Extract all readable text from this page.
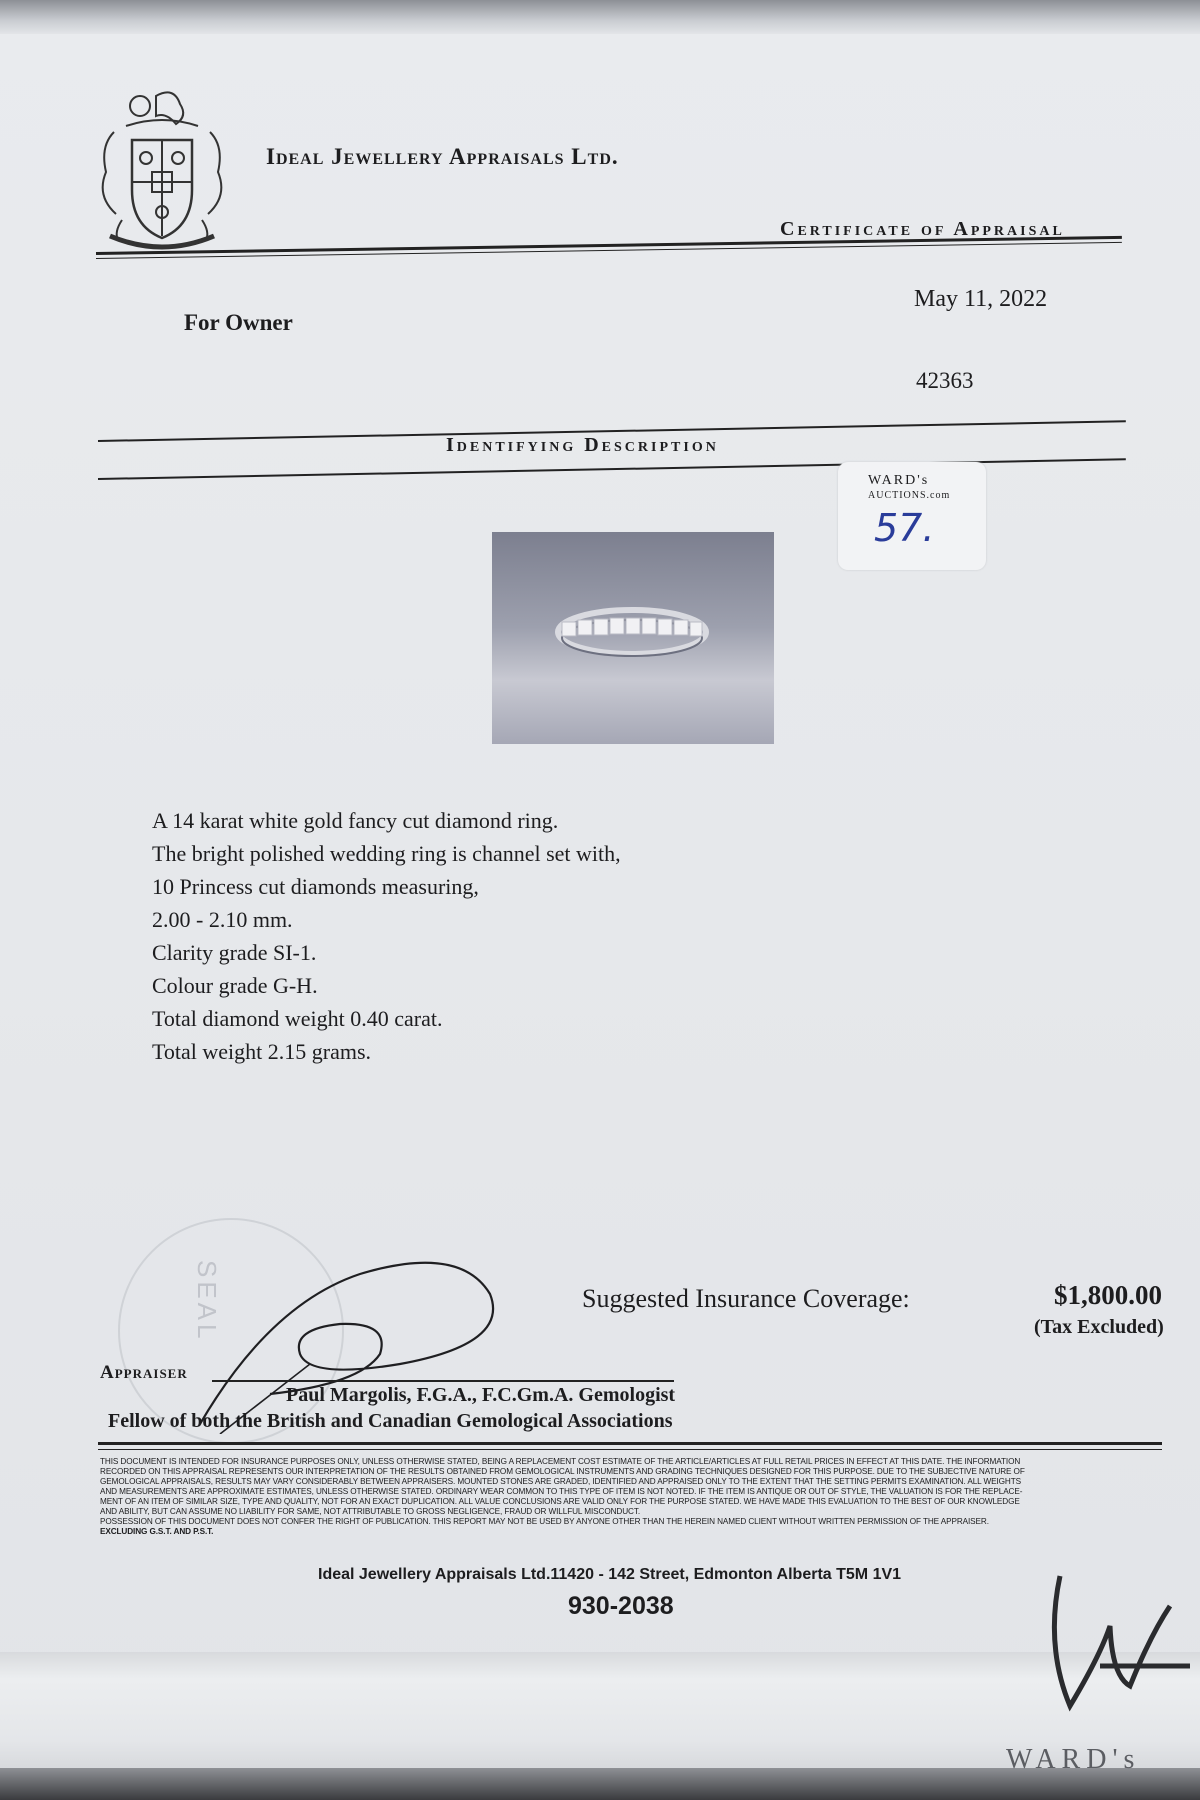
Ideal Jewellery Appraisals Ltd.
Certificate of Appraisal
For Owner
May 11, 2022
42363
Identifying Description
WARD's
AUCTIONS.com
57.
A 14 karat white gold fancy cut diamond ring.
The bright polished wedding ring is channel set with,
10 Princess cut diamonds measuring,
2.00 - 2.10 mm.
Clarity grade SI-1.
Colour grade G-H.
Total diamond weight 0.40 carat.
Total weight 2.15 grams.
SEAL	Suggested Insurance Coverage:	$1,800.00
(Tax Excluded)
Appraiser
Paul Margolis, F.G.A., F.C.Gm.A. Gemologist
Fellow of both the British and Canadian Gemological Associations
THIS DOCUMENT IS INTENDED FOR INSURANCE PURPOSES ONLY, UNLESS OTHERWISE STATED, BEING A REPLACEMENT COST ESTIMATE OF THE ARTICLE/ARTICLES AT FULL RETAIL PRICES IN EFFECT AT THIS DATE. THE INFORMATION
RECORDED ON THIS APPRAISAL REPRESENTS OUR INTERPRETATION OF THE RESULTS OBTAINED FROM GEMOLOGICAL INSTRUMENTS AND GRADING TECHNIQUES DESIGNED FOR THIS PURPOSE. DUE TO THE SUBJECTIVE NATURE OF
GEMOLOGICAL APPRAISALS, RESULTS MAY VARY CONSIDERABLY BETWEEN APPRAISERS. MOUNTED STONES ARE GRADED, IDENTIFIED AND APPRAISED ONLY TO THE EXTENT THAT THE SETTING PERMITS EXAMINATION. ALL WEIGHTS
AND MEASUREMENTS ARE APPROXIMATE ESTIMATES, UNLESS OTHERWISE STATED. ORDINARY WEAR COMMON TO THIS TYPE OF ITEM IS NOT NOTED. IF THE ITEM IS ANTIQUE OR OUT OF STYLE, THE VALUATION IS FOR THE REPLACE-
MENT OF AN ITEM OF SIMILAR SIZE, TYPE AND QUALITY, NOT FOR AN EXACT DUPLICATION. ALL VALUE CONCLUSIONS ARE VALID ONLY FOR THE PURPOSE STATED. WE HAVE MADE THIS EVALUATION TO THE BEST OF OUR KNOWLEDGE
AND ABILITY, BUT CAN ASSUME NO LIABILITY FOR SAME, NOT ATTRIBUTABLE TO GROSS NEGLIGENCE, FRAUD OR WILLFUL MISCONDUCT.
POSSESSION OF THIS DOCUMENT DOES NOT CONFER THE RIGHT OF PUBLICATION. THIS REPORT MAY NOT BE USED BY ANYONE OTHER THAN THE HEREIN NAMED CLIENT WITHOUT WRITTEN PERMISSION OF THE APPRAISER.
EXCLUDING G.S.T. AND P.S.T.
Ideal Jewellery Appraisals Ltd.11420 - 142 Street, Edmonton Alberta T5M 1V1
930-2038
WARD's
